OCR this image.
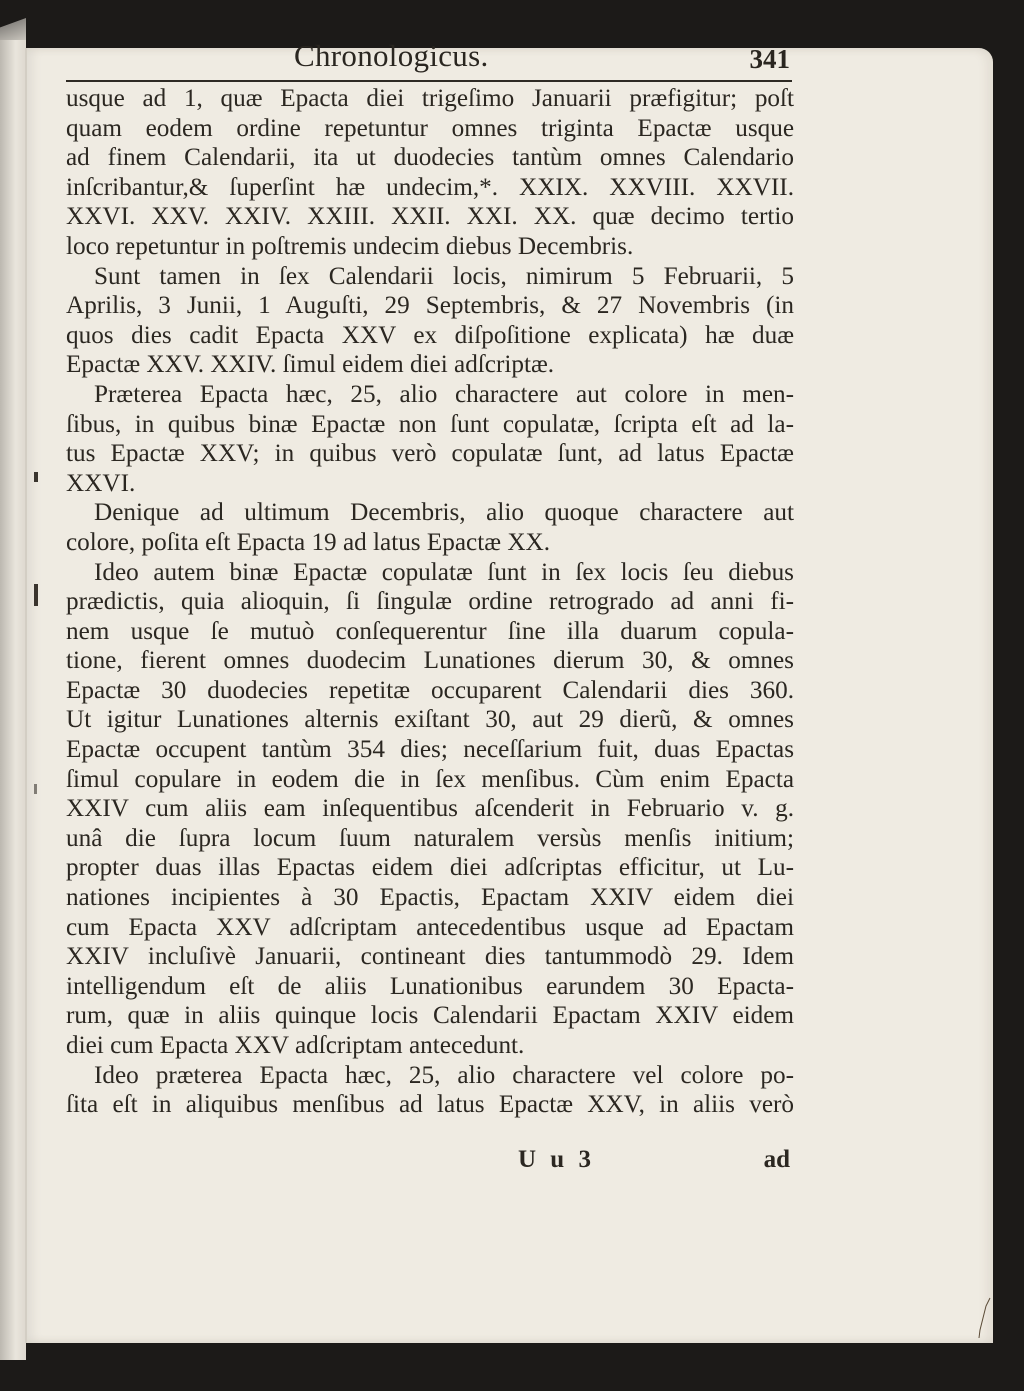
Chronologicus.	341
usque ad 1, quæ Epacta diei trigeſimo Januarii præfigitur; poſt
quam eodem ordine repetuntur omnes triginta Epactæ usque
ad finem Calendarii, ita ut duodecies tantùm omnes Calendario
inſcribantur,& ſuperſint hæ undecim,*. XXIX. XXVIII. XXVII.
XXVI. XXV. XXIV. XXIII. XXII. XXI. XX. quæ decimo tertio
loco repetuntur in poſtremis undecim diebus Decembris.
Sunt tamen in ſex Calendarii locis, nimirum 5 Februarii, 5
Aprilis, 3 Junii, 1 Auguſti, 29 Septembris, & 27 Novembris (in
quos dies cadit Epacta XXV ex diſpoſitione explicata) hæ duæ
Epactæ XXV. XXIV. ſimul eidem diei adſcriptæ.
Præterea Epacta hæc, 25, alio charactere aut colore in men-
ſibus, in quibus binæ Epactæ non ſunt copulatæ, ſcripta eſt ad la-
tus Epactæ XXV; in quibus verò copulatæ ſunt, ad latus Epactæ
XXVI.
Denique ad ultimum Decembris, alio quoque charactere aut
colore, poſita eſt Epacta 19 ad latus Epactæ XX.
Ideo autem binæ Epactæ copulatæ ſunt in ſex locis ſeu diebus
prædictis, quia alioquin, ſi ſingulæ ordine retrogrado ad anni fi-
nem usque ſe mutuò conſequerentur ſine illa duarum copula-
tione, fierent omnes duodecim Lunationes dierum 30, & omnes
Epactæ 30 duodecies repetitæ occuparent Calendarii dies 360.
Ut igitur Lunationes alternis exiſtant 30, aut 29 dierũ, & omnes
Epactæ occupent tantùm 354 dies; neceſſarium fuit, duas Epactas
ſimul copulare in eodem die in ſex menſibus. Cùm enim Epacta
XXIV cum aliis eam inſequentibus aſcenderit in Februario v. g.
unâ die ſupra locum ſuum naturalem versùs menſis initium;
propter duas illas Epactas eidem diei adſcriptas efficitur, ut Lu-
nationes incipientes à 30 Epactis, Epactam XXIV eidem diei
cum Epacta XXV adſcriptam antecedentibus usque ad Epactam
XXIV incluſivè Januarii, contineant dies tantummodò 29. Idem
intelligendum eſt de aliis Lunationibus earundem 30 Epacta-
rum, quæ in aliis quinque locis Calendarii Epactam XXIV eidem
diei cum Epacta XXV adſcriptam antecedunt.
Ideo præterea Epacta hæc, 25, alio charactere vel colore po-
ſita eſt in aliquibus menſibus ad latus Epactæ XXV, in aliis verò
U u 3	ad
